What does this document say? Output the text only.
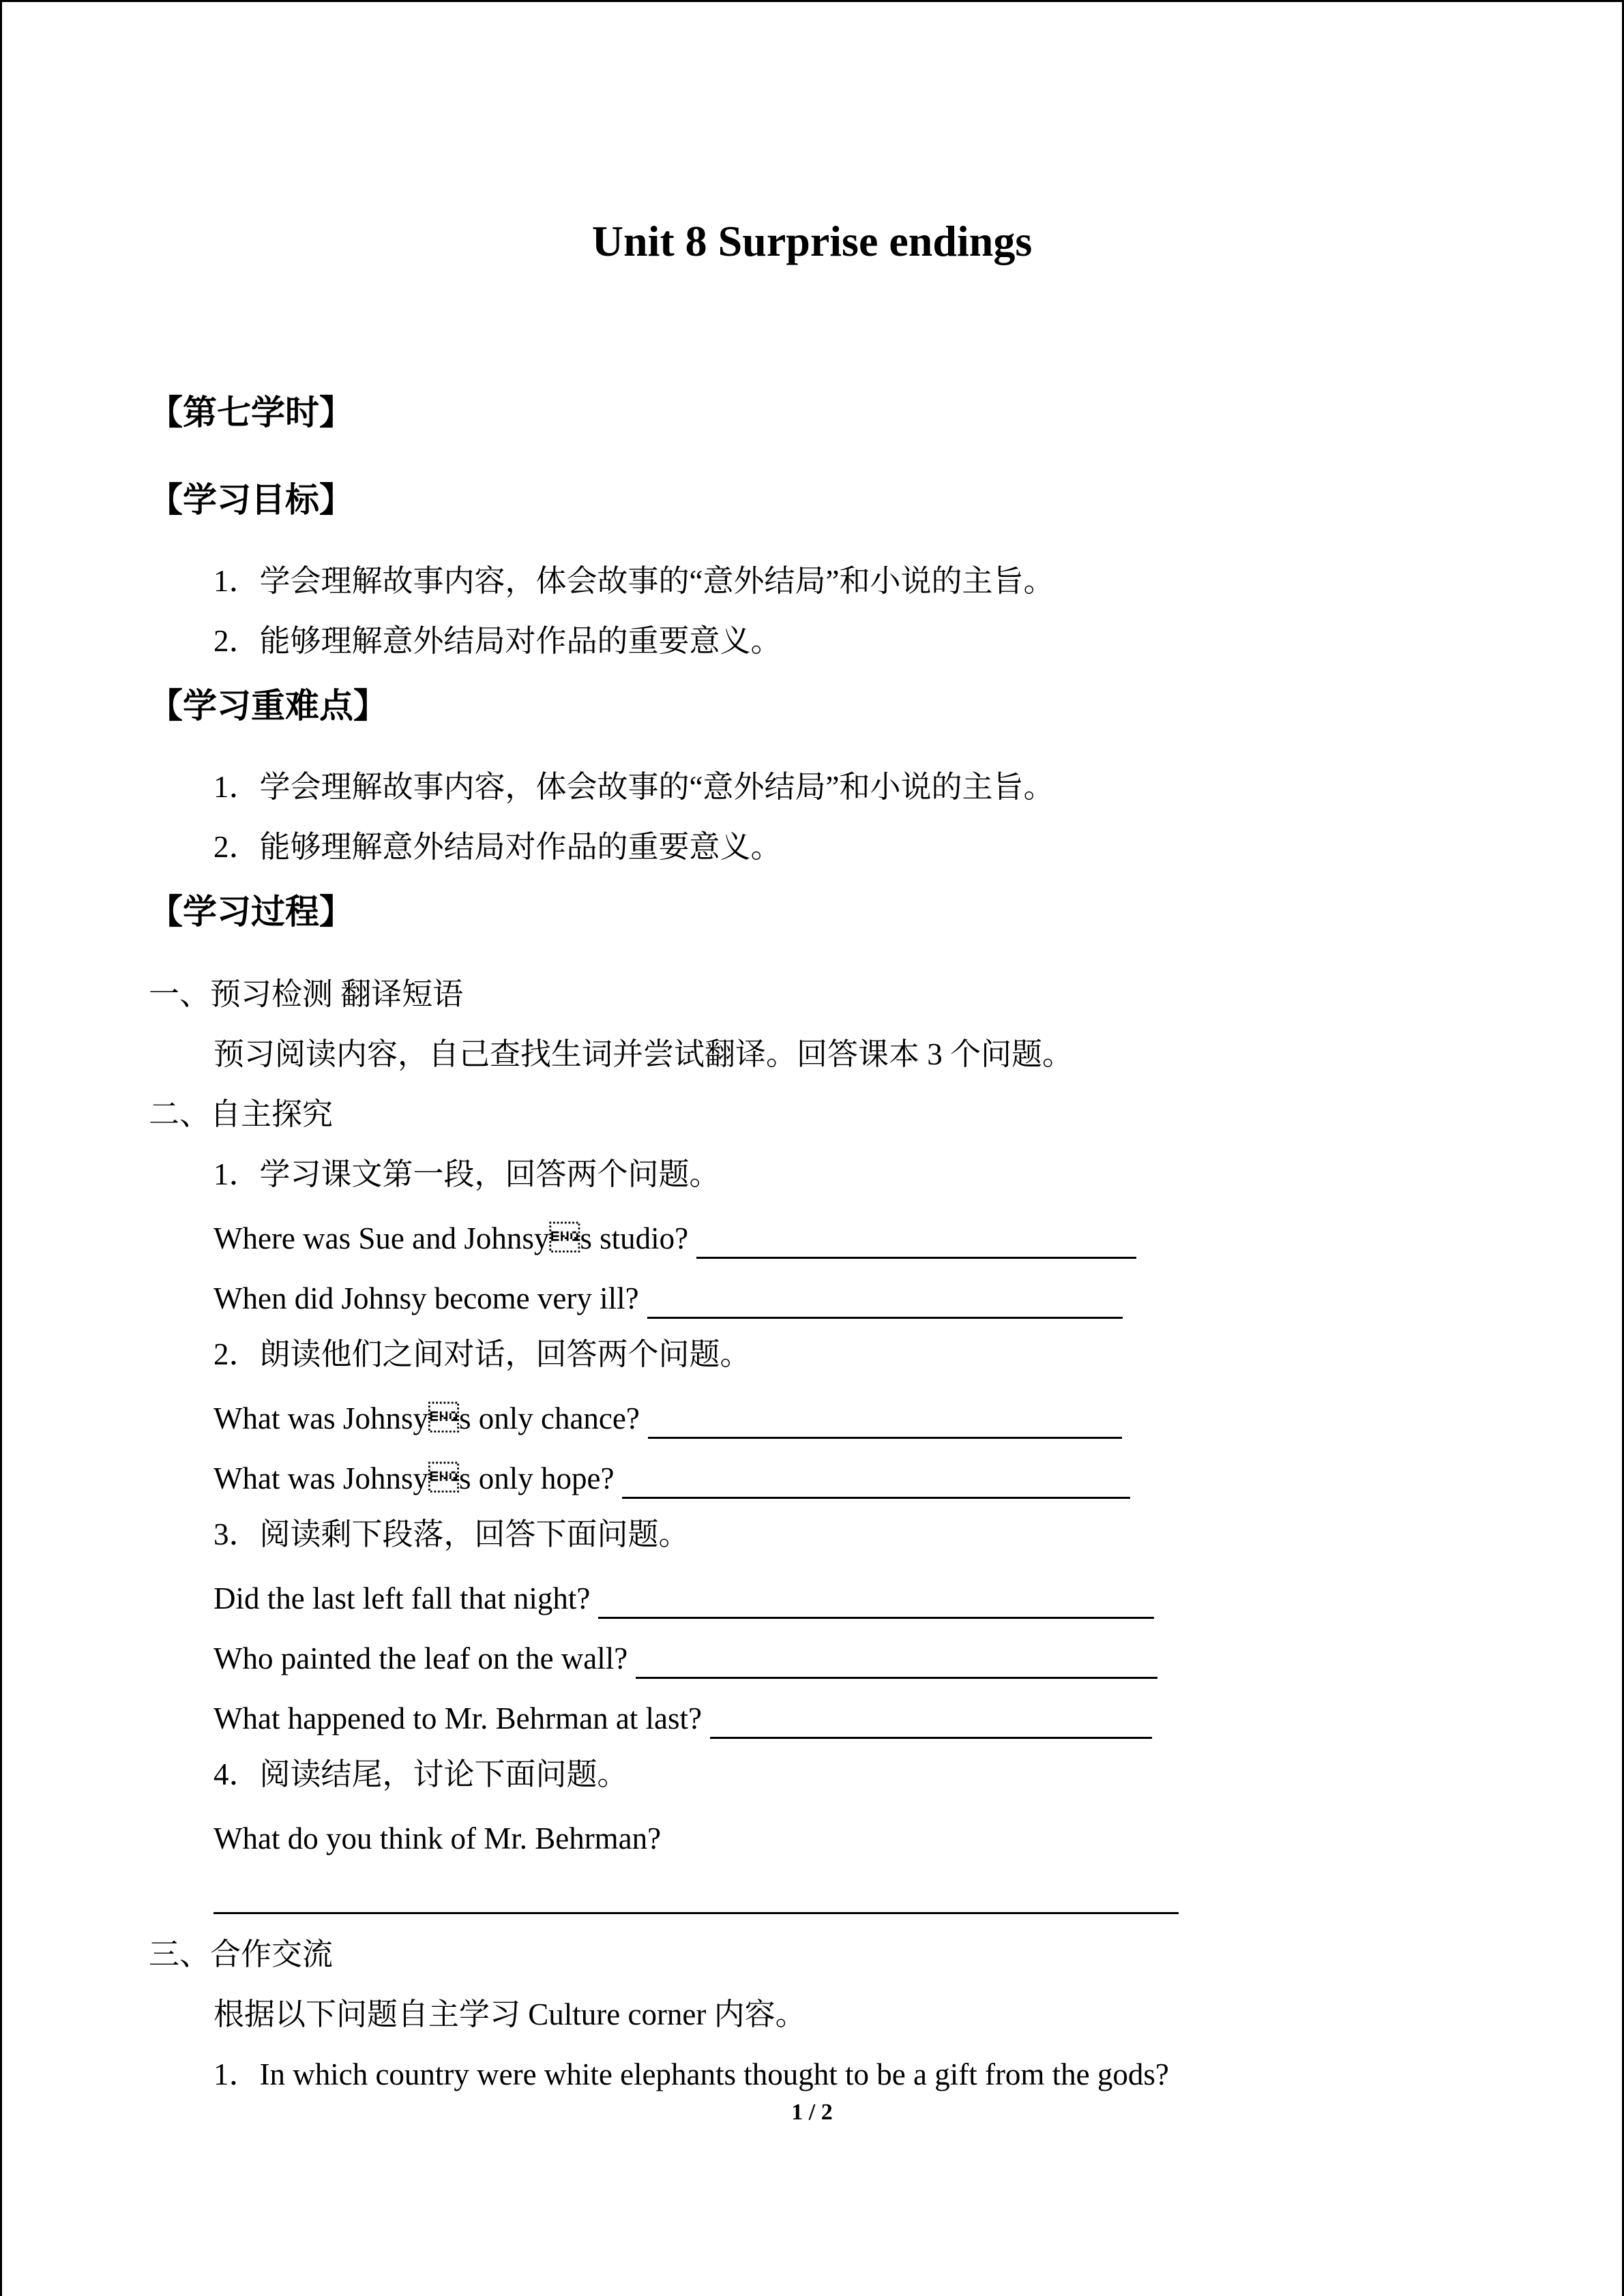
Unit 8 Surprise endings
【第七学时】
【学习目标】
1．学会理解故事内容，体会故事的“意外结局”和小说的主旨。
2．能够理解意外结局对作品的重要意义。
【学习重难点】
1．学会理解故事内容，体会故事的“意外结局”和小说的主旨。
2．能够理解意外结局对作品的重要意义。
【学习过程】
一、预习检测 翻译短语
预习阅读内容，自己查找生词并尝试翻译。回答课本 3 个问题。
二、自主探究
1．学习课文第一段，回答两个问题。
Where was Sue and Johnsys studio?
When did Johnsy become very ill?
2．朗读他们之间对话，回答两个问题。
What was Johnsys only chance?
What was Johnsys only hope?
3．阅读剩下段落，回答下面问题。
Did the last left fall that night?
Who painted the leaf on the wall?
What happened to Mr. Behrman at last?
4．阅读结尾，讨论下面问题。
What do you think of Mr. Behrman?
三、合作交流
根据以下问题自主学习 Culture corner 内容。
1．In which country were white elephants thought to be a gift from the gods?
1 / 2
